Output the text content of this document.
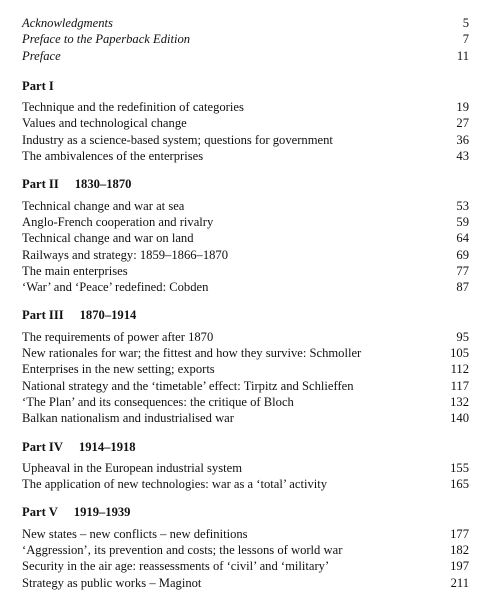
Acknowledgments	5
Preface to the Paperback Edition	7
Preface	11
Part I
Technique and the redefinition of categories	19
Values and technological change	27
Industry as a science-based system; questions for government	36
The ambivalences of the enterprises	43
Part II 1830–1870
Technical change and war at sea	53
Anglo-French cooperation and rivalry	59
Technical change and war on land	64
Railways and strategy: 1859–1866–1870	69
The main enterprises	77
‘War’ and ‘Peace’ redefined: Cobden	87
Part III 1870–1914
The requirements of power after 1870	95
New rationales for war; the fittest and how they survive: Schmoller	105
Enterprises in the new setting; exports	112
National strategy and the ‘timetable’ effect: Tirpitz and Schlieffen	117
‘The Plan’ and its consequences: the critique of Bloch	132
Balkan nationalism and industrialised war	140
Part IV 1914–1918
Upheaval in the European industrial system	155
The application of new technologies: war as a ‘total’ activity	165
Part V 1919–1939
New states – new conflicts – new definitions	177
‘Aggression’, its prevention and costs; the lessons of world war	182
Security in the air age: reassessments of ‘civil’ and ‘military’	197
Strategy as public works – Maginot	211
